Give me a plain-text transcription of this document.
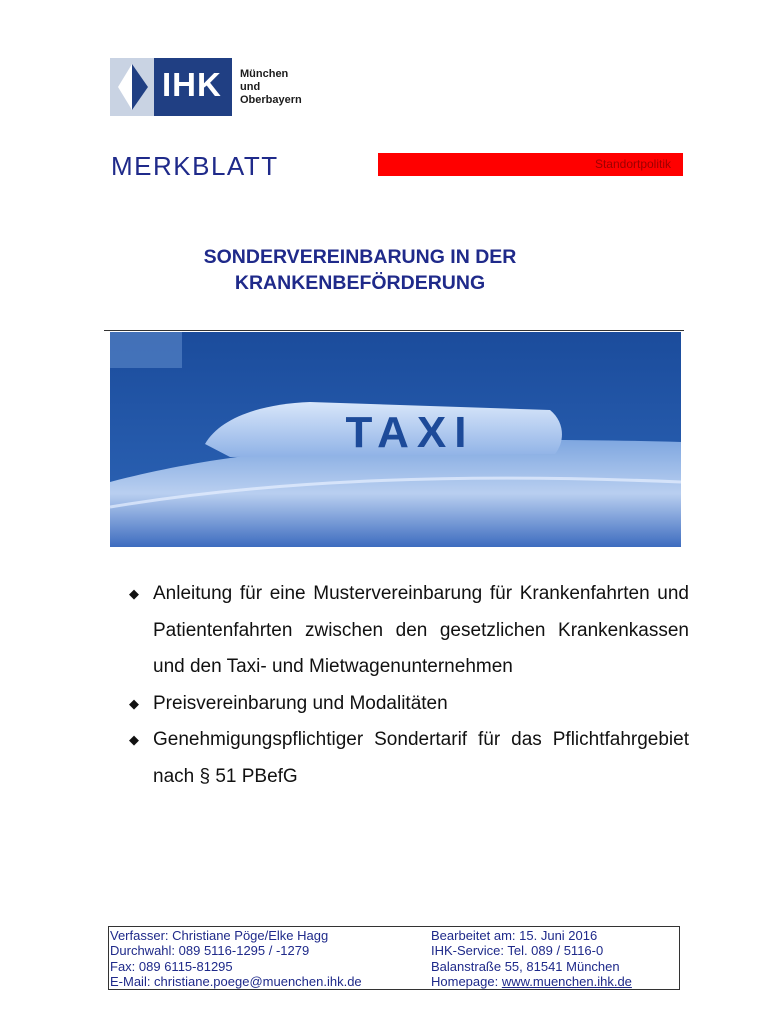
IHK München und
Oberbayern
MERKBLATT	Standortpolitik
SONDERVEREINBARUNG IN DER
KRANKENBEFÖRDERUNG
TAXI
◆ Anleitung für eine Mustervereinbarung für Krankenfahrten und Patientenfahrten zwischen den gesetzlichen Krankenkassen und den Taxi- und Mietwagenunternehmen
◆ Preisvereinbarung und Modalitäten
◆ Genehmigungspflichtiger Sondertarif für das Pflichtfahrgebiet nach § 51 PBefG
Verfasser: Christiane Pöge/Elke Hagg
Durchwahl: 089 5116-1295 / -1279
Fax: 089 6115-81295
E-Mail: christiane.poege@muenchen.ihk.de
Bearbeitet am: 15. Juni 2016
IHK-Service: Tel. 089 / 5116-0
Balanstraße 55, 81541 München
Homepage: www.muenchen.ihk.de
